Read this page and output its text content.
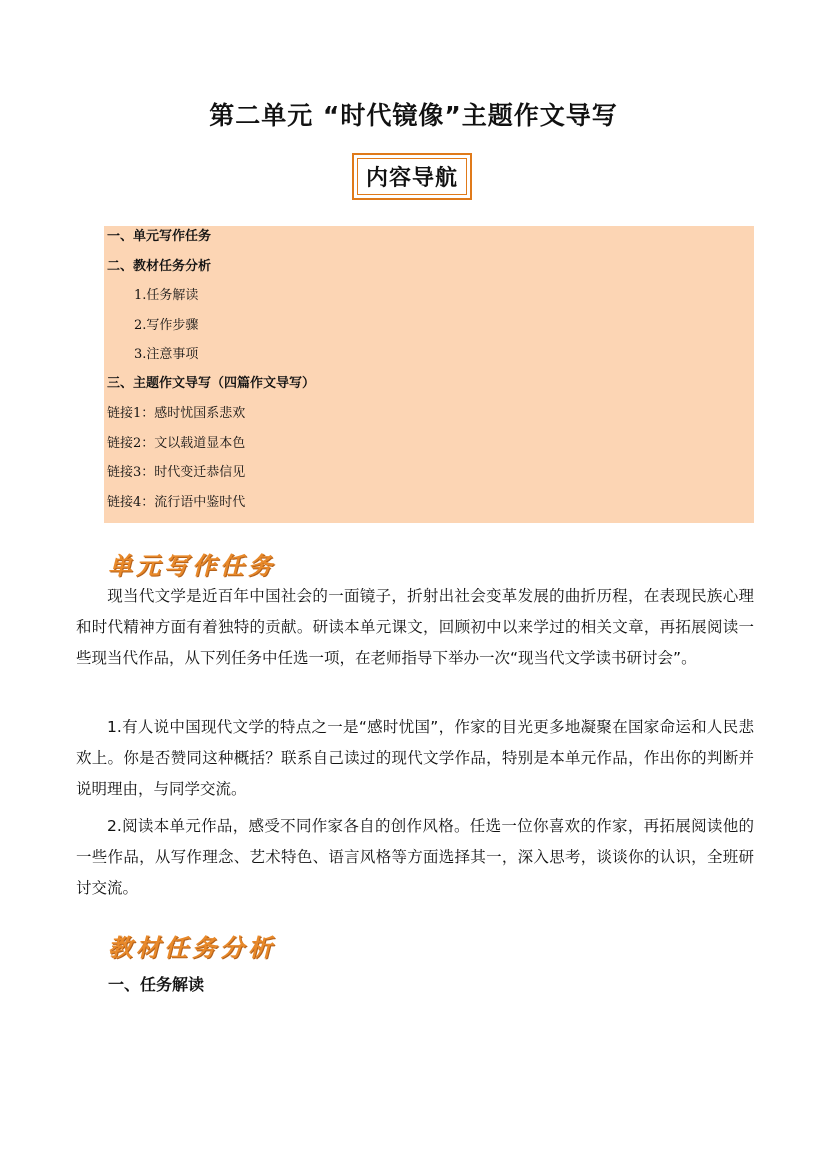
第二单元 “时代镜像”主题作文导写
内容导航
一、单元写作任务
二、教材任务分析
1.任务解读
2.写作步骤
3.注意事项
三、主题作文导写（四篇作文导写）
链接1：感时忧国系悲欢
链接2：文以载道显本色
链接3：时代变迁恭信见
链接4：流行语中鉴时代
单元写作任务
现当代文学是近百年中国社会的一面镜子，折射出社会变革发展的曲折历程，在表现民族心理和时代精神方面有着独特的贡献。研读本单元课文，回顾初中以来学过的相关文章，再拓展阅读一些现当代作品，从下列任务中任选一项，在老师指导下举办一次“现当代文学读书研讨会”。
1.有人说中国现代文学的特点之一是“感时忧国”，作家的目光更多地凝聚在国家命运和人民悲欢上。你是否赞同这种概括？联系自己读过的现代文学作品，特别是本单元作品，作出你的判断并说明理由，与同学交流。
2.阅读本单元作品，感受不同作家各自的创作风格。任选一位你喜欢的作家，再拓展阅读他的一些作品，从写作理念、艺术特色、语言风格等方面选择其一，深入思考，谈谈你的认识，全班研讨交流。
教材任务分析
一、任务解读
